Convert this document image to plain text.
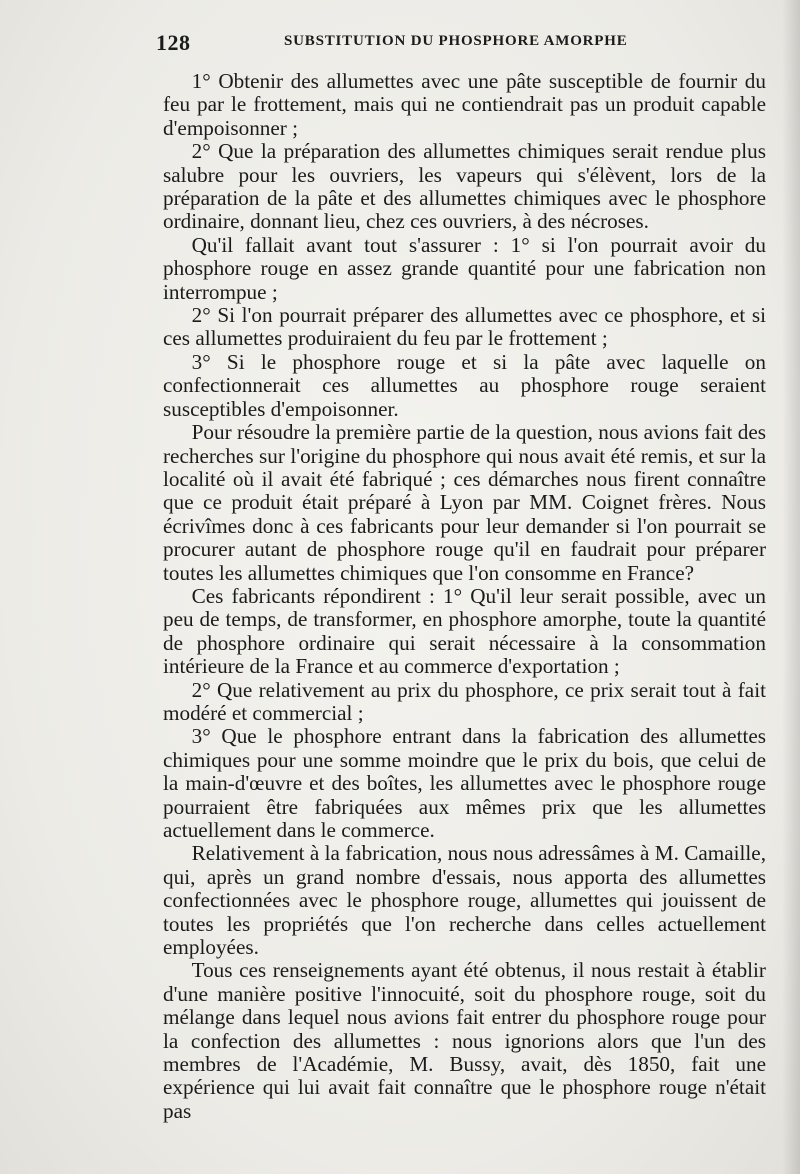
128	SUBSTITUTION DU PHOSPHORE AMORPHE

1° Obtenir des allumettes avec une pâte susceptible de fournir du feu par le frottement, mais qui ne contiendrait pas un produit capable d'empoisonner ;

2° Que la préparation des allumettes chimiques serait rendue plus salubre pour les ouvriers, les vapeurs qui s'élèvent, lors de la préparation de la pâte et des allumettes chimiques avec le phosphore ordinaire, donnant lieu, chez ces ouvriers, à des nécroses.

Qu'il fallait avant tout s'assurer : 1° si l'on pourrait avoir du phosphore rouge en assez grande quantité pour une fabrication non interrompue ;

2° Si l'on pourrait préparer des allumettes avec ce phosphore, et si ces allumettes produiraient du feu par le frottement ;

3° Si le phosphore rouge et si la pâte avec laquelle on confectionnerait ces allumettes au phosphore rouge seraient susceptibles d'empoisonner.

Pour résoudre la première partie de la question, nous avions fait des recherches sur l'origine du phosphore qui nous avait été remis, et sur la localité où il avait été fabriqué ; ces démarches nous firent connaître que ce produit était préparé à Lyon par MM. Coignet frères. Nous écrivîmes donc à ces fabricants pour leur demander si l'on pourrait se procurer autant de phosphore rouge qu'il en faudrait pour préparer toutes les allumettes chimiques que l'on consomme en France?

Ces fabricants répondirent : 1° Qu'il leur serait possible, avec un peu de temps, de transformer, en phosphore amorphe, toute la quantité de phosphore ordinaire qui serait nécessaire à la consommation intérieure de la France et au commerce d'exportation ;

2° Que relativement au prix du phosphore, ce prix serait tout à fait modéré et commercial ;

3° Que le phosphore entrant dans la fabrication des allumettes chimiques pour une somme moindre que le prix du bois, que celui de la main-d'œuvre et des boîtes, les allumettes avec le phosphore rouge pourraient être fabriquées aux mêmes prix que les allumettes actuellement dans le commerce.

Relativement à la fabrication, nous nous adressâmes à M. Camaille, qui, après un grand nombre d'essais, nous apporta des allumettes confectionnées avec le phosphore rouge, allumettes qui jouissent de toutes les propriétés que l'on recherche dans celles actuellement employées.

Tous ces renseignements ayant été obtenus, il nous restait à établir d'une manière positive l'innocuité, soit du phosphore rouge, soit du mélange dans lequel nous avions fait entrer du phosphore rouge pour la confection des allumettes : nous ignorions alors que l'un des membres de l'Académie, M. Bussy, avait, dès 1850, fait une expérience qui lui avait fait connaître que le phosphore rouge n'était pas
